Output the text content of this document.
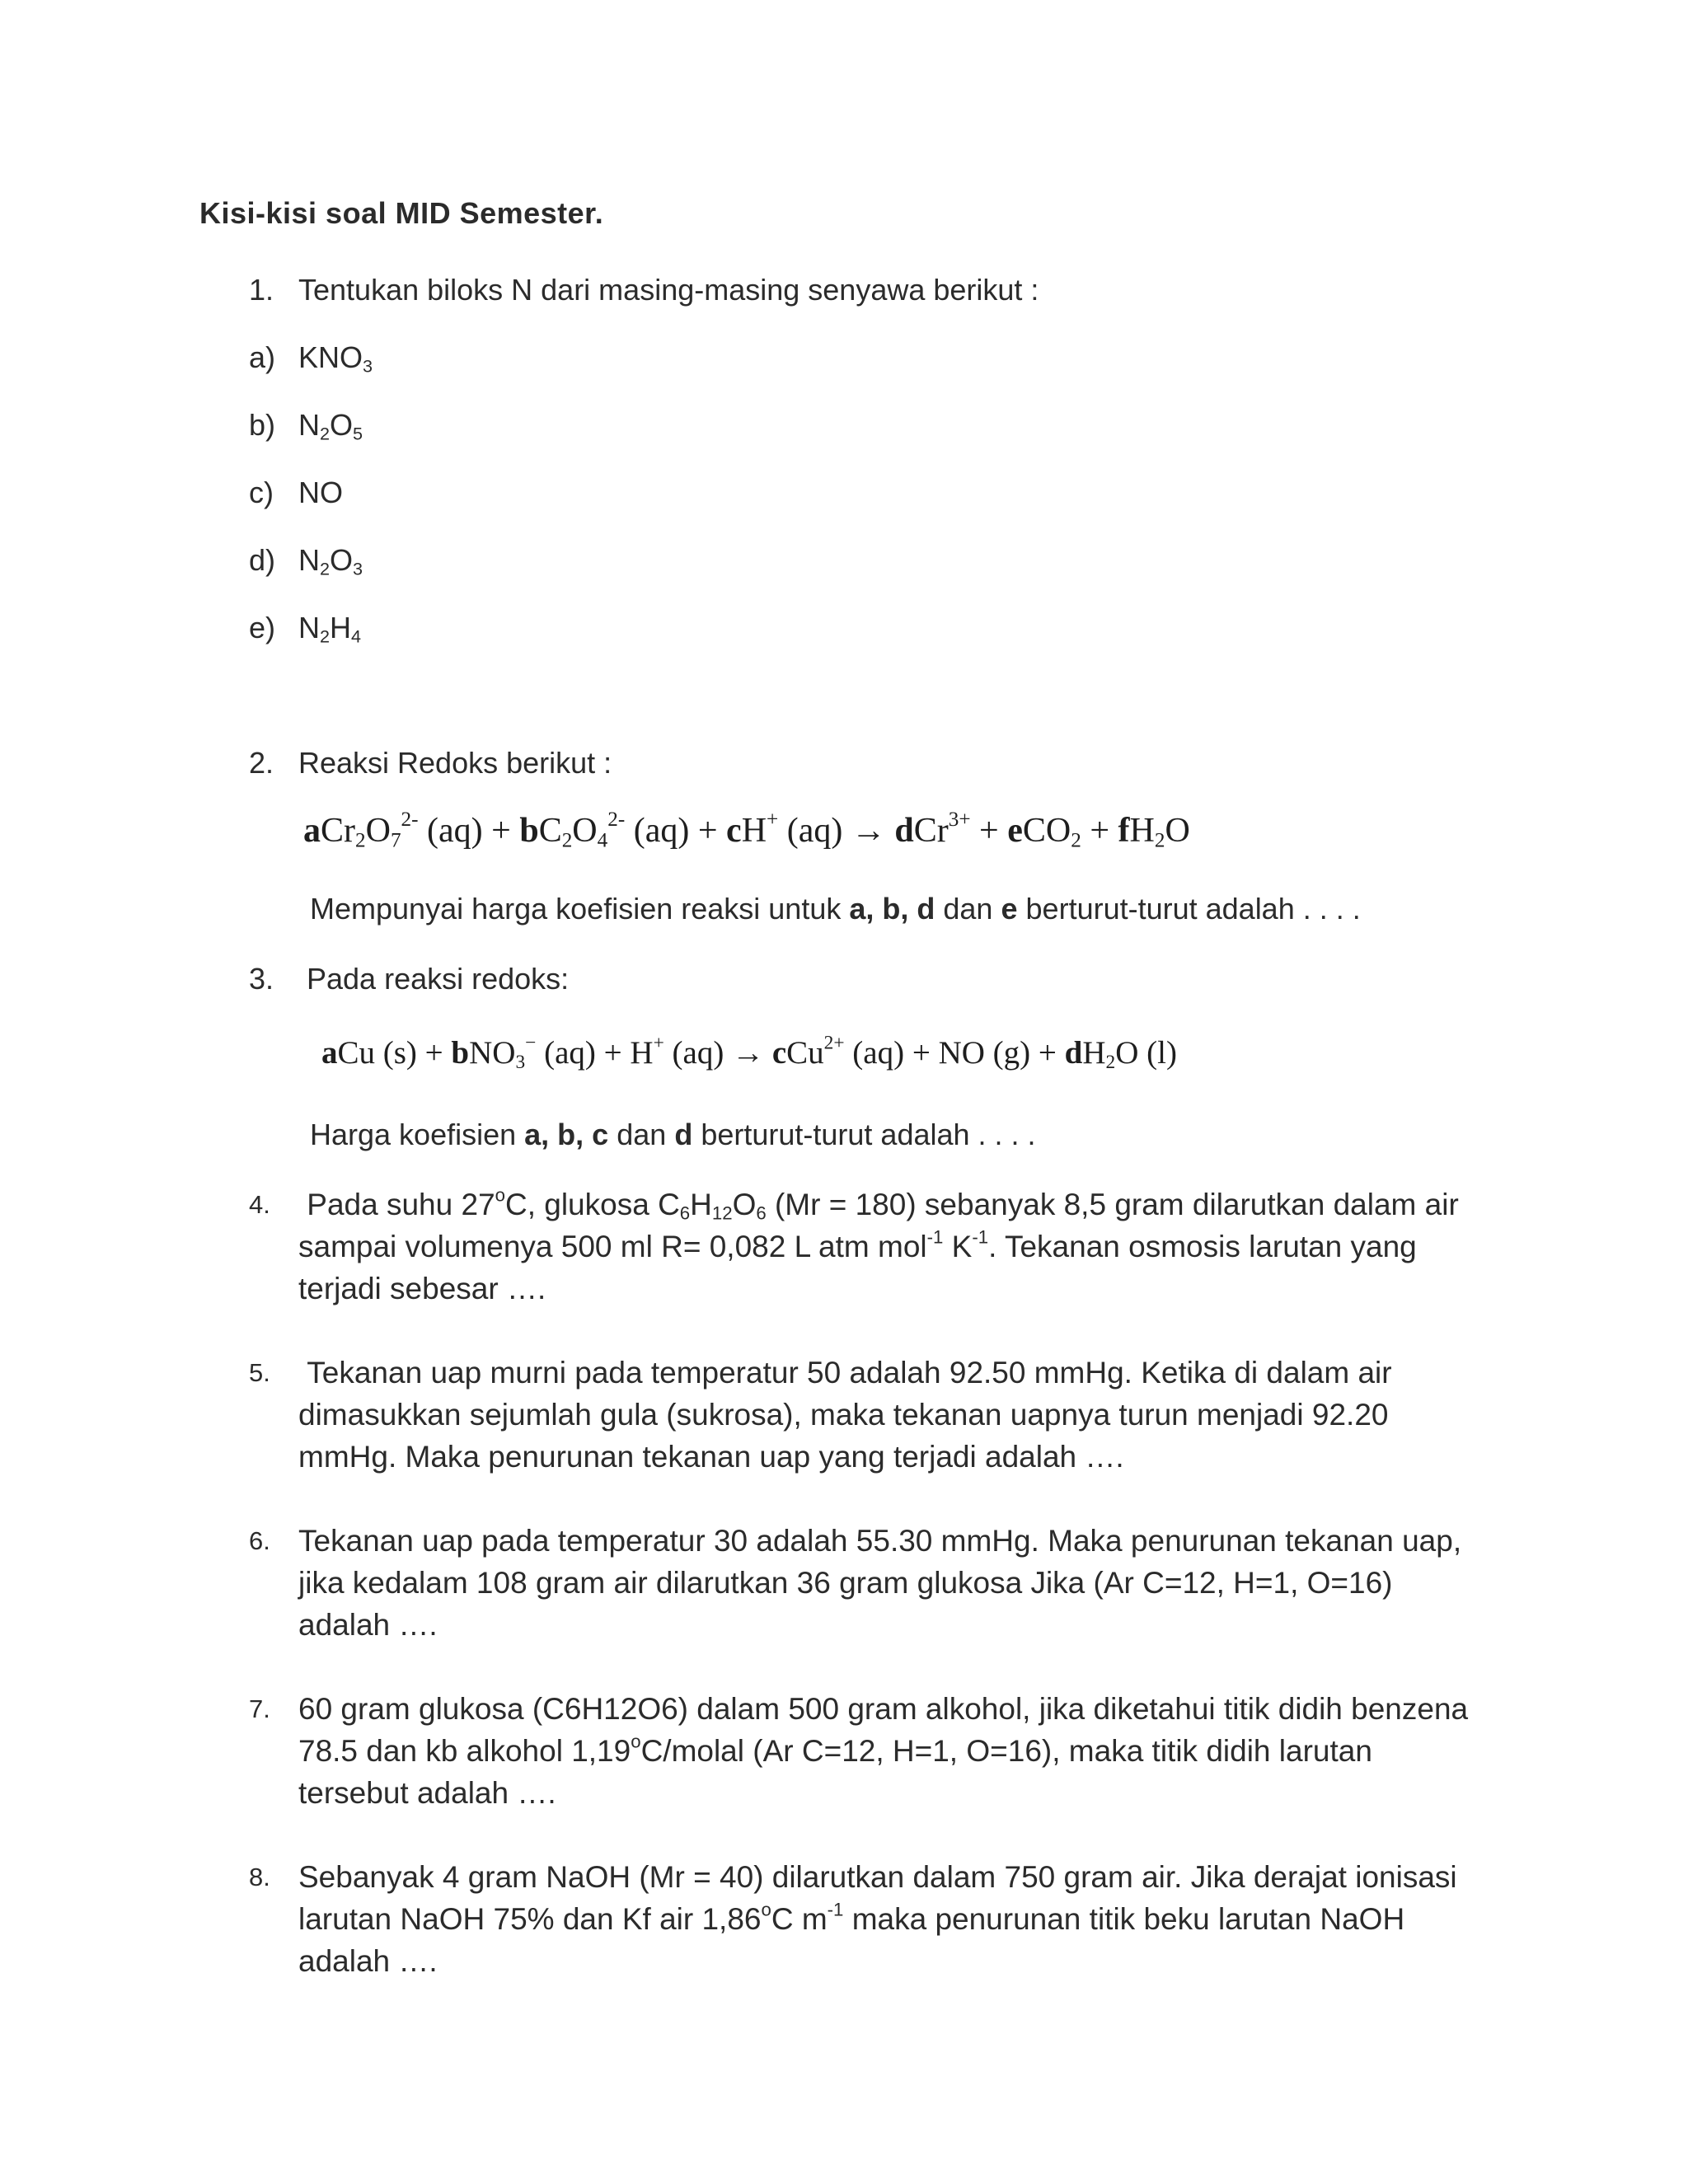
Kisi-kisi soal MID Semester.
1. Tentukan biloks N dari masing-masing senyawa berikut :
a) $KNO_3$
b) $N_2O_5$
c) NO
d) $N_2O_3$
e) $N_2H_4$
2. Reaksi Redoks berikut :
$aCr_2O_7^{2-}$ $(aq) + bC_2O_4^{2-}$ (aq) + cH+ $(aq) \to dCr^{3+} + eCO_2 + fH_2O$
Mempunyai harga koefisien reaksi untuk a, b, d dan e berturut-turut adalah . . . .
3. Pada reaksi redoks:
aCu (s) + bNO$_3$− (aq) + H+ (aq) → cCu$^{2+}$ (aq) + NO $(g) + dH_2O$ (l)
Harga koefisien a, b, c dan d berturut-turut adalah . . . .
4. Pada suhu 27$^o$C, glukosa $C_6H_{12}O_6$ (Mr = 180) sebanyak 8,5 gram dilarutkan dalam air sampai volumenya 500 ml R= 0,082 L atm mol$^{-1}$ $K^{-1}$. Tekanan osmosis larutan yang terjadi sebesar ….
5. Tekanan uap murni pada temperatur 50 adalah 92.50 mmHg. Ketika di dalam air dimasukkan sejumlah gula (sukrosa), maka tekanan uapnya turun menjadi 92.20 mmHg. Maka penurunan tekanan uap yang terjadi adalah ….
6. Tekanan uap pada temperatur 30 adalah 55.30 mmHg. Maka penurunan tekanan uap, jika kedalam 108 gram air dilarutkan 36 gram glukosa Jika (Ar C=12, H=1, O=16) adalah ….
7. 60 gram glukosa (C6H12O6) dalam 500 gram alkohol, jika diketahui titik didih benzena 78.5 dan kb alkohol 1,19$^o$C/molal (Ar C=12, H=1, O=16), maka titik didih larutan tersebut adalah ….
8. Sebanyak 4 gram NaOH (Mr = 40) dilarutkan dalam 750 gram air. Jika derajat ionisasi larutan NaOH 75% dan Kf air 1,86$^o$C $m^{-1}$ maka penurunan titik beku larutan NaOH adalah ….
